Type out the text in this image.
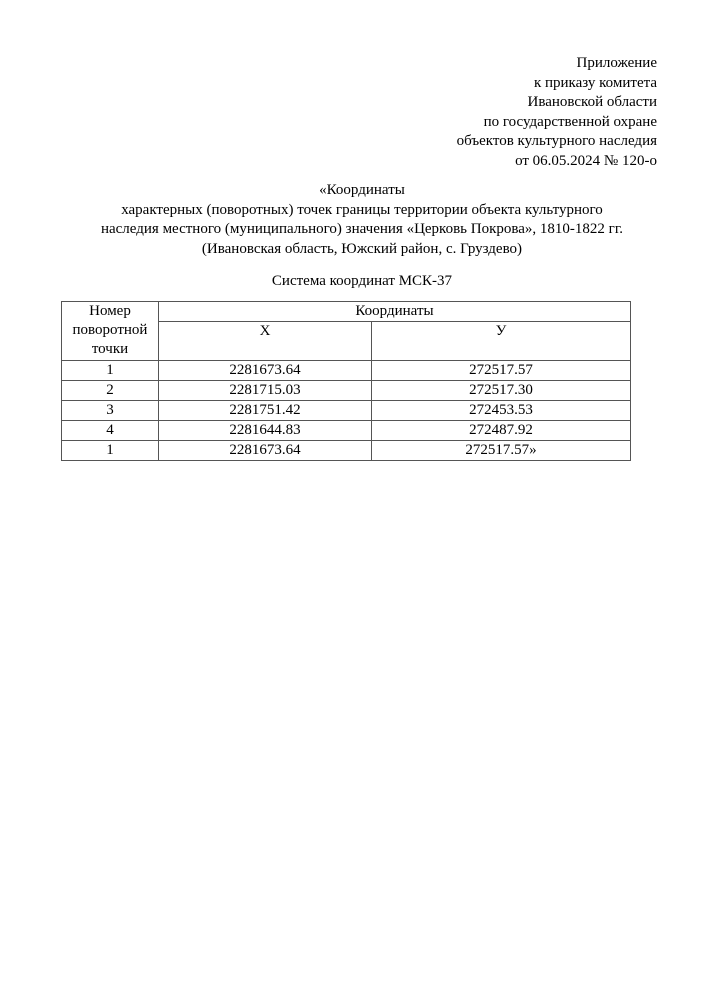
Приложение
к приказу комитета
Ивановской области
по государственной охране
объектов культурного наследия
от 06.05.2024 № 120-о
«Координаты
характерных (поворотных) точек границы территории объекта культурного
наследия местного (муниципального) значения «Церковь Покрова», 1810-1822 гг.
(Ивановская область, Южский район, с. Груздево)
Система координат МСК-37
Номер поворотной точки	Координаты	
	Х	У
1	2281673.64	272517.57
2	2281715.03	272517.30
3	2281751.42	272453.53
4	2281644.83	272487.92
1	2281673.64	272517.57»
